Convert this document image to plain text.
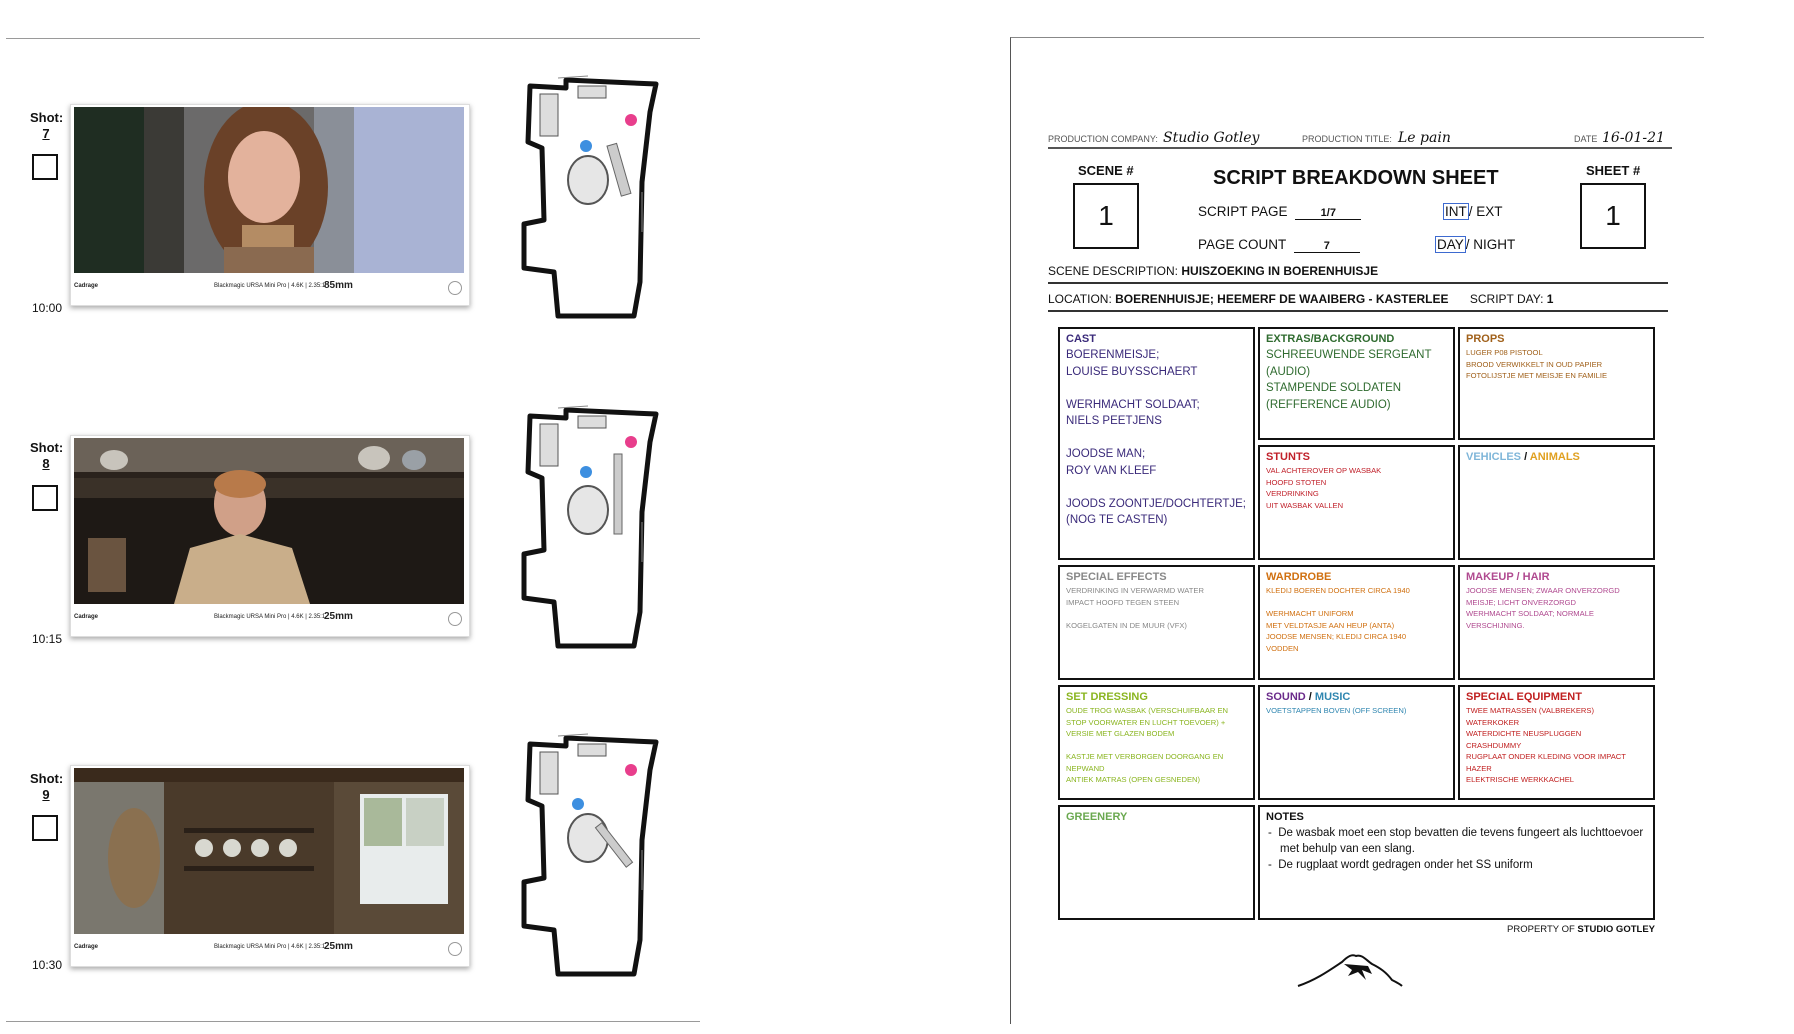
Shot:
7
10:00
Cadrage	Blackmagic URSA Mini Pro | 4.6K | 2.35:1
85mm
Shot:
8
10:15
Cadrage	Blackmagic URSA Mini Pro | 4.6K | 2.35:1
25mm
Shot:
9
10:30
Cadrage	Blackmagic URSA Mini Pro | 4.6K | 2.35:1
25mm
PRODUCTION COMPANY: Studio Gotley	PRODUCTION TITLE: Le pain	DATE 16-01-21
SCENE #
1
SCRIPT BREAKDOWN SHEET	SHEET #
1
SCRIPT PAGE	1/7
PAGE COUNT	7
INT / EXT
DAY / NIGHT
SCENE DESCRIPTION: HUISZOEKING IN BOERENHUISJE
LOCATION: BOERENHUISJE; HEEMERF DE WAAIBERG - KASTERLEE SCRIPT DAY: 1
CAST
BOERENMEISJE;
LOUISE BUYSSCHAERT

WERHMACHT SOLDAAT;
NIELS PEETJENS

JOODSE MAN;
ROY VAN KLEEF

JOODS ZOONTJE/DOCHTERTJE;
(NOG TE CASTEN)
EXTRAS/BACKGROUND
SCHREEUWENDE SERGEANT
(AUDIO)
STAMPENDE SOLDATEN
(REFFERENCE AUDIO)
PROPS
LUGER P08 PISTOOL
BROOD VERWIKKELT IN OUD PAPIER
FOTOLIJSTJE MET MEISJE EN FAMILIE
STUNTS
VAL ACHTEROVER OP WASBAK
HOOFD STOTEN
VERDRINKING
UIT WASBAK VALLEN
VEHICLES / ANIMALS
SPECIAL EFFECTS
VERDRINKING IN VERWARMD WATER
IMPACT HOOFD TEGEN STEEN

KOGELGATEN IN DE MUUR (VFX)
WARDROBE
KLEDIJ BOEREN DOCHTER CIRCA 1940

WERHMACHT UNIFORM
MET VELDTASJE AAN HEUP (ANTA)
JOODSE MENSEN; KLEDIJ CIRCA 1940
VODDEN
MAKEUP / HAIR
JOODSE MENSEN; ZWAAR ONVERZORGD
MEISJE; LICHT ONVERZORGD
WERHMACHT SOLDAAT; NORMALE
VERSCHIJNING.
SET DRESSING
OUDE TROG WASBAK (VERSCHUIFBAAR EN
STOP VOORWATER EN LUCHT TOEVOER) +
VERSIE MET GLAZEN BODEM

KASTJE MET VERBORGEN DOORGANG EN
NEPWAND
ANTIEK MATRAS (OPEN GESNEDEN)
SOUND / MUSIC
VOETSTAPPEN BOVEN (OFF SCREEN)
SPECIAL EQUIPMENT
TWEE MATRASSEN (VALBREKERS)
WATERKOKER
WATERDICHTE NEUSPLUGGEN
CRASHDUMMY
RUGPLAAT ONDER KLEDING VOOR IMPACT
HAZER
ELEKTRISCHE WERKKACHEL
GREENERY	NOTES
-  De wasbak moet een stop bevatten die tevens fungeert als luchttoevoer met behulp van een slang.
-  De rugplaat wordt gedragen onder het SS uniform
PROPERTY OF STUDIO GOTLEY
